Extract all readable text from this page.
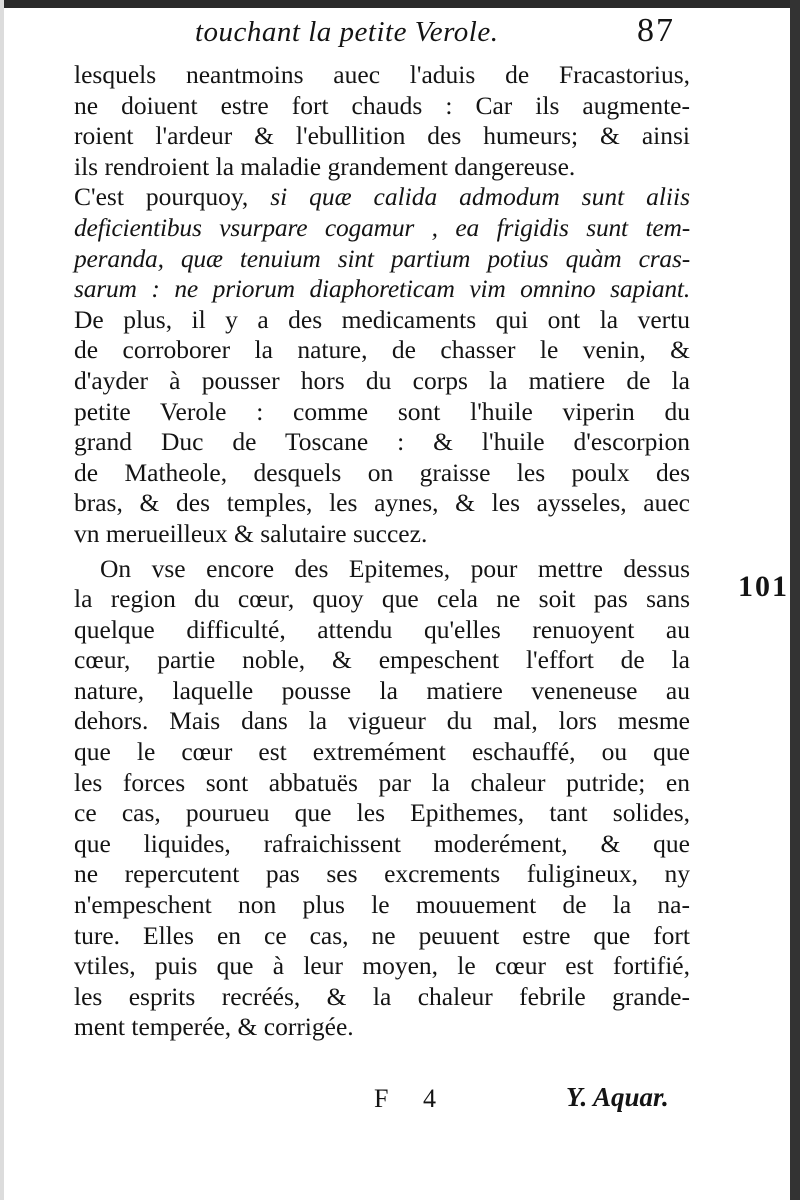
touchant la petite Verole.	87
lesquels neantmoins auec l'aduis de Fracastorius,
ne doiuent estre fort chauds : Car ils augmente-
roient l'ardeur & l'ebullition des humeurs; & ainsi
ils rendroient la maladie grandement dangereuse.
C'est pourquoy, si quæ calida admodum sunt aliis
deficientibus vsurpare cogamur , ea frigidis sunt tem-
peranda, quæ tenuium sint partium potius quàm cras-
sarum : ne priorum diaphoreticam vim omnino sapiant.
De plus, il y a des medicaments qui ont la vertu
de corroborer la nature, de chasser le venin, &
d'ayder à pousser hors du corps la matiere de la
petite Verole : comme sont l'huile viperin du
grand Duc de Toscane : & l'huile d'escorpion
de Matheole, desquels on graisse les poulx des
bras, & des temples, les aynes, & les aysseles, auec
vn merueilleux & salutaire succez.
On vse encore des Epitemes, pour mettre dessus
la region du cœur, quoy que cela ne soit pas sans
quelque difficulté, attendu qu'elles renuoyent au
cœur, partie noble, & empeschent l'effort de la
nature, laquelle pousse la matiere veneneuse au
dehors. Mais dans la vigueur du mal, lors mesme
que le cœur est extremément eschauffé, ou que
les forces sont abbatuës par la chaleur putride; en
ce cas, pourueu que les Epithemes, tant solides,
que liquides, rafraichissent moderément, & que
ne repercutent pas ses excrements fuligineux, ny
n'empeschent non plus le mouuement de la na-
ture. Elles en ce cas, ne peuuent estre que fort
vtiles, puis que à leur moyen, le cœur est fortifié,
les esprits recréés, & la chaleur febrile grande-
ment temperée, & corrigée.
101
F 4	Y. Aquar.
